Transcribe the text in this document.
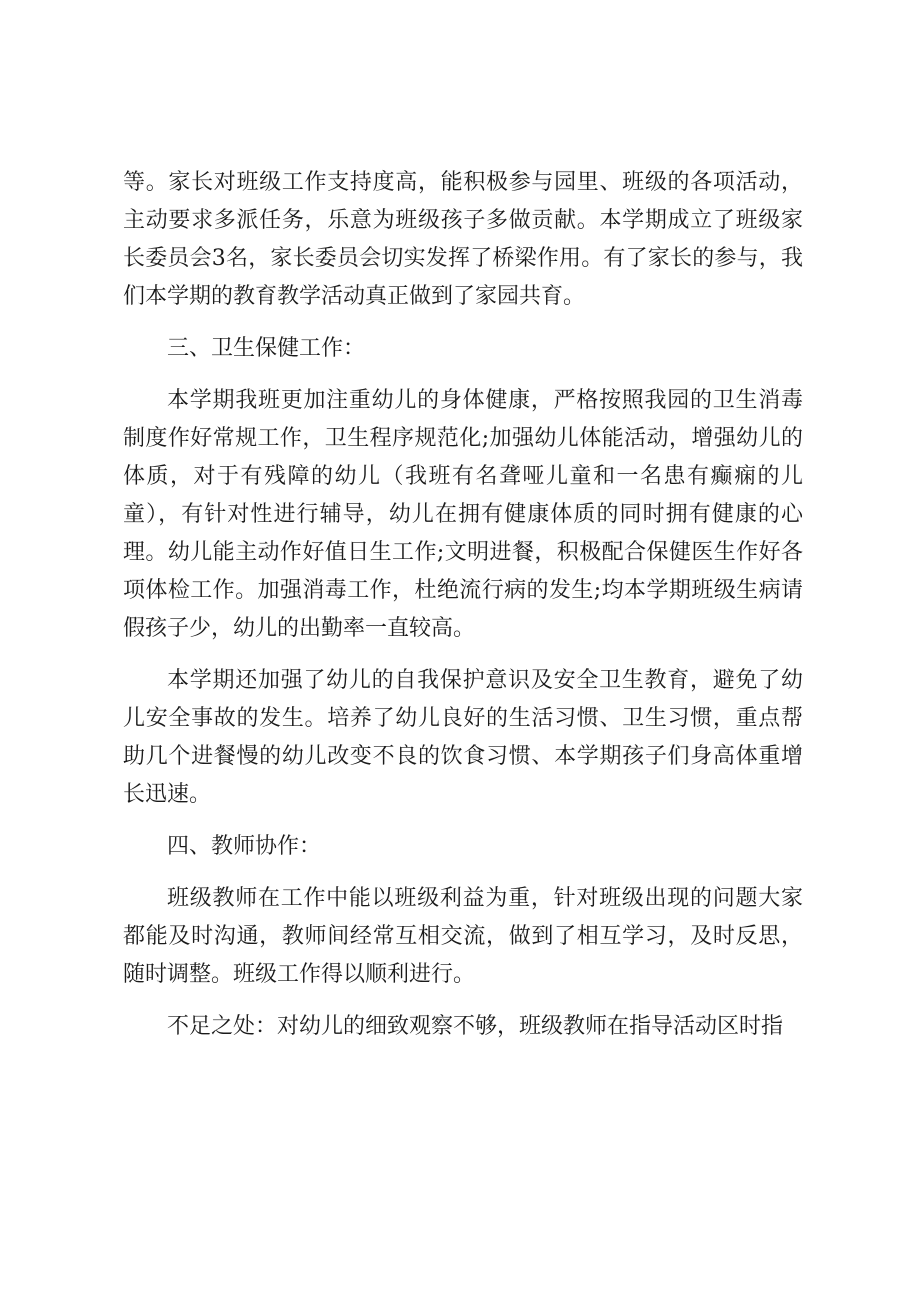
等。家长对班级工作支持度高，能积极参与园里、班级的各项活动，主动要求多派任务，乐意为班级孩子多做贡献。本学期成立了班级家长委员会3名，家长委员会切实发挥了桥梁作用。有了家长的参与，我们本学期的教育教学活动真正做到了家园共育。

三、卫生保健工作：

本学期我班更加注重幼儿的身体健康，严格按照我园的卫生消毒制度作好常规工作，卫生程序规范化;加强幼儿体能活动，增强幼儿的体质，对于有残障的幼儿（我班有名聋哑儿童和一名患有癫痫的儿童），有针对性进行辅导，幼儿在拥有健康体质的同时拥有健康的心理。幼儿能主动作好值日生工作;文明进餐，积极配合保健医生作好各项体检工作。加强消毒工作，杜绝流行病的发生;均本学期班级生病请假孩子少，幼儿的出勤率一直较高。

本学期还加强了幼儿的自我保护意识及安全卫生教育，避免了幼儿安全事故的发生。培养了幼儿良好的生活习惯、卫生习惯，重点帮助几个进餐慢的幼儿改变不良的饮食习惯、本学期孩子们身高体重增长迅速。

四、教师协作：

班级教师在工作中能以班级利益为重，针对班级出现的问题大家都能及时沟通，教师间经常互相交流，做到了相互学习，及时反思，随时调整。班级工作得以顺利进行。

不足之处：对幼儿的细致观察不够，班级教师在指导活动区时指
